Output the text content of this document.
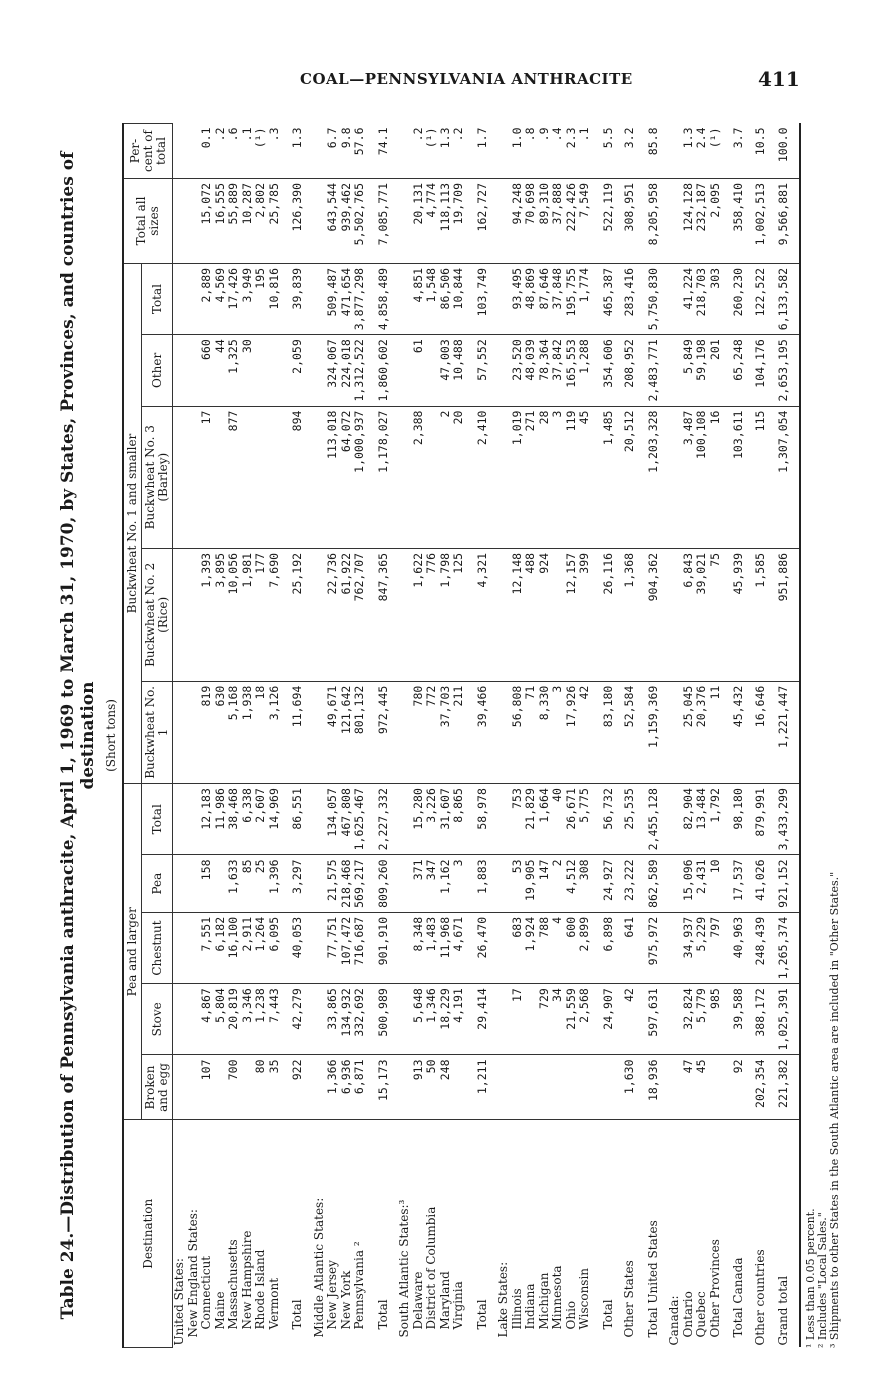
COAL—PENNSYLVANIA ANTHRACITE	411
Table 24.—Distribution of Pennsylvania anthracite, April 1, 1969 to March 31, 1970, by States, Provinces, and countries of destination (Short tons)
Destination	Pea and larger					Buckwheat No. 1 and smaller					Total all sizes	Per-cent of total
	Broken and egg	Stove	Chestnut	Pea	Total	Buckwheat No. 1	Buckwheat No. 2 (Rice)	Buckwheat No. 3 (Barley)	Other	Total		
United States:												
New England States:												
Connecticut	107	4,867	7,551	158	12,183	819	1,393	17	660	2,889	15,072	0.1
Maine		5,804	6,182		11,986	630	3,895		44	4,569	16,555	.2
Massachusetts	700	20,819	16,100	1,633	38,468	5,168	10,056	877	1,325	17,426	55,889	.6
New Hampshire		3,346	2,911	85	6,338	1,938	1,981		30	3,949	10,287	.1
Rhode Island	80	1,238	1,264	25	2,607	18	177			195	2,802	(¹)
Vermont	35	7,443	6,095	1,396	14,969	3,126	7,690			10,816	25,785	.3
Total	922	42,279	40,053	3,297	86,551	11,694	25,192	894	2,059	39,839	126,390	1.3
Middle Atlantic States:												
New Jersey	1,366	33,865	77,751	21,575	134,057	49,671	22,736	113,018	324,067	509,487	643,544	6.7
New York	6,936	134,932	107,472	218,468	467,808	121,642	61,922	64,072	224,018	471,654	939,462	9.8
Pennsylvania ²	6,871	332,692	716,687	569,217	1,625,467	801,132	762,707	1,000,937	1,312,522	3,877,298	5,502,765	57.6
Total	15,173	500,989	901,910	809,260	2,227,332	972,445	847,365	1,178,027	1,860,602	4,858,489	7,085,771	74.1
South Atlantic States:³												
Delaware	913	5,648	8,348	371	15,280	780	1,622	2,388	61	4,851	20,131	.2
District of Columbia	50	1,346	1,483	347	3,226	772	776			1,548	4,774	(¹)
Maryland	248	18,229	11,968	1,162	31,607	37,703	1,798	2	47,003	86,506	118,113	1.3
Virginia		4,191	4,671	3	8,865	211	125	20	10,488	10,844	19,709	.2
Total	1,211	29,414	26,470	1,883	58,978	39,466	4,321	2,410	57,552	103,749	162,727	1.7
Lake States:												
Illinois		17	683	53	753	56,808	12,148	1,019	23,520	93,495	94,248	1.0
Indiana			1,924	19,905	21,829	71	488	271	48,039	48,869	70,698	.8
Michigan		729	788	147	1,664	8,330	924	28	78,364	87,646	89,310	.9
Minnesota		34	4	2	40	3		3	37,842	37,848	37,888	.4
Ohio		21,559	600	4,512	26,671	17,926	12,157	119	165,553	195,755	222,426	2.3
Wisconsin		2,568	2,899	308	5,775	42	399	45	1,288	1,774	7,549	.1
Total		24,907	6,898	24,927	56,732	83,180	26,116	1,485	354,606	465,387	522,119	5.5
Other States	1,630	42	641	23,222	25,535	52,584	1,368	20,512	208,952	283,416	308,951	3.2
Total United States	18,936	597,631	975,972	862,589	2,455,128	1,159,369	904,362	1,203,328	2,483,771	5,750,830	8,205,958	85.8
Canada:												
Ontario	47	32,824	34,937	15,096	82,904	25,045	6,843	3,487	5,849	41,224	124,128	1.3
Quebec	45	5,779	5,229	2,431	13,484	20,376	39,021	100,108	59,198	218,703	232,187	2.4
Other Provinces		985	797	10	1,792	11	75	16	201	303	2,095	(¹)
Total Canada	92	39,588	40,963	17,537	98,180	45,432	45,939	103,611	65,248	260,230	358,410	3.7
Other countries	202,354	388,172	248,439	41,026	879,991	16,646	1,585	115	104,176	122,522	1,002,513	10.5
Grand total	221,382	1,025,391	1,265,374	921,152	3,433,299	1,221,447	951,886	1,307,054	2,653,195	6,133,582	9,566,881	100.0
¹ Less than 0.05 percent. ² Includes "Local Sales." ³ Shipments to other States in the South Atlantic area are included in "Other States."
